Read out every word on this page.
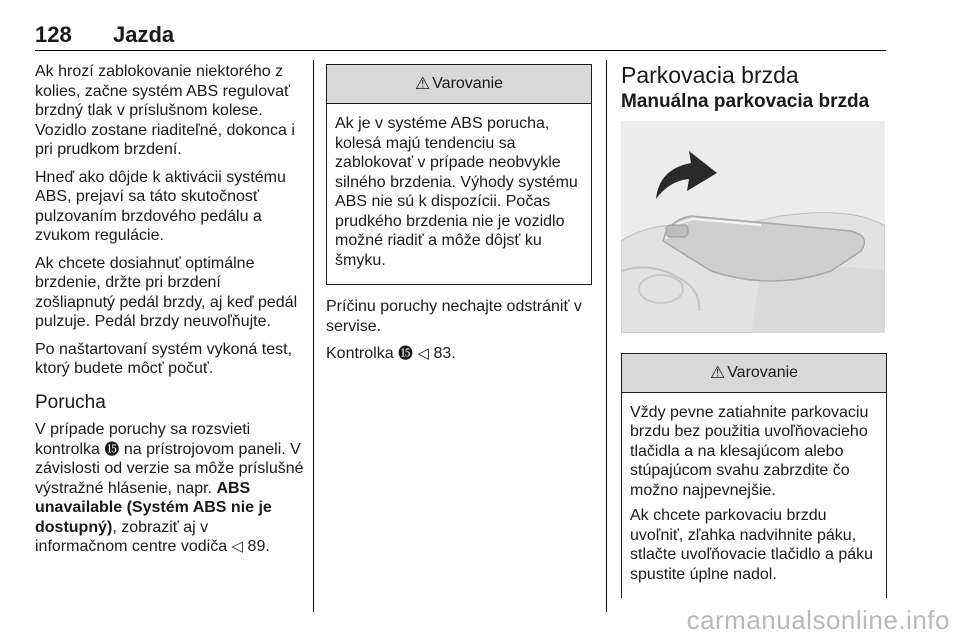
128 Jazda

Ak hrozí zablokovanie niektorého z kolies, začne systém ABS regulovať brzdný tlak v príslušnom kolese. Vozidlo zostane riaditeľné, dokonca i pri prudkom brzdení.

Hneď ako dôjde k aktivácii systému ABS, prejaví sa táto skutočnosť pulzovaním brzdového pedálu a zvukom regulácie.

Ak chcete dosiahnuť optimálne brzdenie, držte pri brzdení zošliapnutý pedál brzdy, aj keď pedál pulzuje. Pedál brzdy neuvoľňujte.

Po naštartovaní systém vykoná test, ktorý budete môcť počuť.

Porucha

V prípade poruchy sa rozsvieti kontrolka ⓯ na prístrojovom paneli. V závislosti od verzie sa môže príslušné výstražné hlásenie, napr. ABS unavailable (Systém ABS nie je dostupný), zobraziť aj v informačnom centre vodiča ◁ 89.

⚠ Varovanie

Ak je v systéme ABS porucha, kolesá majú tendenciu sa zablokovať v prípade neobvykle silného brzdenia. Výhody systému ABS nie sú k dispozícii. Počas prudkého brzdenia nie je vozidlo možné riadiť a môže dôjsť ku šmyku.

Príčinu poruchy nechajte odstrániť v servise.

Kontrolka ⓯ ◁ 83.

Parkovacia brzda
Manuálna parkovacia brzda
⚠ Varovanie

Vždy pevne zatiahnite parkovaciu brzdu bez použitia uvoľňovacieho tlačidla a na klesajúcom alebo stúpajúcom svahu zabrzdite čo možno najpevnejšie.

Ak chcete parkovaciu brzdu uvoľniť, zľahka nadvihnite páku, stlačte uvoľňovacie tlačidlo a páku spustite úplne nadol.

carmanualsonline.info
